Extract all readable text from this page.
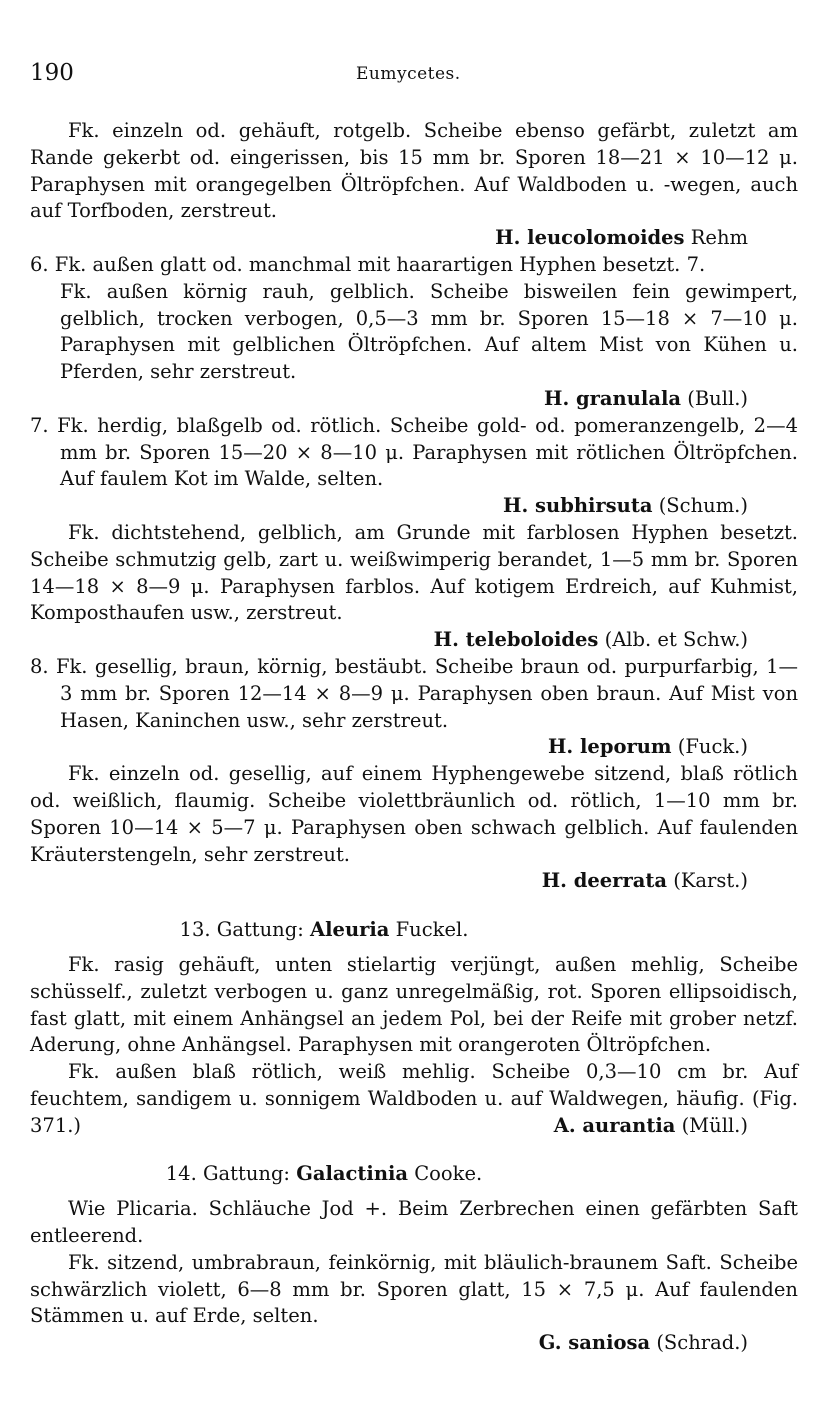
190	Eumycetes.

Fk. einzeln od. gehäuft, rotgelb. Scheibe ebenso gefärbt, zuletzt am Rande gekerbt od. eingerissen, bis 15 mm br. Sporen 18—21 × 10—12 μ. Paraphysen mit orangegelben Öltröpfchen. Auf Waldboden u. -wegen, auch auf Torfboden, zerstreut.

H. leucolomoides Rehm

6. Fk. außen glatt od. manchmal mit haarartigen Hyphen besetzt. 7.

Fk. außen körnig rauh, gelblich. Scheibe bisweilen fein gewimpert, gelblich, trocken verbogen, 0,5—3 mm br. Sporen 15—18 × 7—10 μ. Paraphysen mit gelblichen Öltröpfchen. Auf altem Mist von Kühen u. Pferden, sehr zerstreut.

H. granulala (Bull.)

7. Fk. herdig, blaßgelb od. rötlich. Scheibe gold- od. pomeranzengelb, 2—4 mm br. Sporen 15—20 × 8—10 μ. Paraphysen mit rötlichen Öltröpfchen. Auf faulem Kot im Walde, selten.

H. subhirsuta (Schum.)

Fk. dichtstehend, gelblich, am Grunde mit farblosen Hyphen besetzt. Scheibe schmutzig gelb, zart u. weißwimperig berandet, 1—5 mm br. Sporen 14—18 × 8—9 μ. Paraphysen farblos. Auf kotigem Erdreich, auf Kuhmist, Komposthaufen usw., zerstreut.

H. teleboloides (Alb. et Schw.)

8. Fk. gesellig, braun, körnig, bestäubt. Scheibe braun od. purpurfarbig, 1—3 mm br. Sporen 12—14 × 8—9 μ. Paraphysen oben braun. Auf Mist von Hasen, Kaninchen usw., sehr zerstreut.

H. leporum (Fuck.)

Fk. einzeln od. gesellig, auf einem Hyphengewebe sitzend, blaß rötlich od. weißlich, flaumig. Scheibe violettbräunlich od. rötlich, 1—10 mm br. Sporen 10—14 × 5—7 μ. Paraphysen oben schwach gelblich. Auf faulenden Kräuterstengeln, sehr zerstreut.

H. deerrata (Karst.)

13. Gattung: Aleuria Fuckel.

Fk. rasig gehäuft, unten stielartig verjüngt, außen mehlig, Scheibe schüsself., zuletzt verbogen u. ganz unregelmäßig, rot. Sporen ellipsoidisch, fast glatt, mit einem Anhängsel an jedem Pol, bei der Reife mit grober netzf. Aderung, ohne Anhängsel. Paraphysen mit orangeroten Öltröpfchen.

Fk. außen blaß rötlich, weiß mehlig. Scheibe 0,3—10 cm br. Auf feuchtem, sandigem u. sonnigem Waldboden u. auf Waldwegen, häufig. (Fig. 371.)	A. aurantia (Müll.)

14. Gattung: Galactinia Cooke.

Wie Plicaria. Schläuche Jod +. Beim Zerbrechen einen gefärbten Saft entleerend.

Fk. sitzend, umbrabraun, feinkörnig, mit bläulich-braunem Saft. Scheibe schwärzlich violett, 6—8 mm br. Sporen glatt, 15 × 7,5 μ. Auf faulenden Stämmen u. auf Erde, selten.

G. saniosa (Schrad.)
